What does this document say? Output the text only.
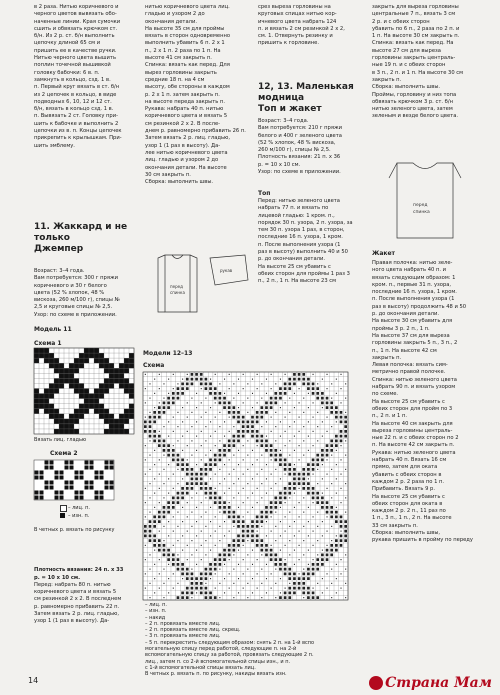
в 2 раза. Нитью коричневого и
черного цветов вывязать обо-
наченные линии. Края сумочки
сшить и обвязать крючком ст.
б/н. Из 2 р. ст. б/н выполнить
цепочку длиной 65 см и
пришить ее в качестве ручки.
Нитью черного цвета вышить
поплин точечной вышивкой
головку бабочки: 6 в. п.
замкнуть в кольцо, сзд. 1 в.
п. Первый круг вязать в ст. б/н
из 2 цепочек в кольцо, в виде
подводных 6, 10, 12 и 12 ст.
б/н, вязать в кольцо сзд. 1 в.
п. Вывязать 2 ст. Головку при-
шить к бабочке и выполнить 2
цепочки из в. п. Концы цепочек
прикрепить к крылышкам. При-
шить эмблему.
11. Жаккард и не
только
Джемпер
Возраст: 3–4 года.
Вам потребуется: 300 г пряжи
коричневого и 30 г белого
цвета (52 % хлопок, 48 %
вискоза, 260 м/100 г), спицы №
2,5 и круговые спицы № 2,5.
Узор: по схеме в приложении.
Модель 11
Схема 1
Вязать лиц. гладью
Схема 2
– лиц. п.
– изн. п.
В четных р. вязать по рисунку

Плотность вязания: 24 п. х 33
р. = 10 х 10 см.
Перед: набрать 80 п. нитью
коричневого цвета и вязать 5
см резинкой 2 х 2. В последнем
р. равномерно прибавить 22 п.
Затем вязать 2 р. лиц. гладью,
узор 1 (1 раз в высоту). Да-

нитью коричневого цвета лиц.
гладью и узором 2 до
окончания детали.
На высоте 35 см для проймы
вязать в сторон одновременно
выполнить убавить 6 п. 2 х 1
п., 2 х 1 п. 2 раза по 1 п. На
высоте 41 см закрыть п.
Спинка: вязать как перед. Для
вырез горловины закрыть
средние 18 п. на 4 см
высоту, обе стороны в каждом
р. 2 х 1 п. затем закрыть п.
на высоте переда закрыть п.
Рукава: набрать 40 п. нитью
коричневого цвета и вязать 5
см резинкой 2 х 2. В после-
днем р. равномерно прибавить 26 п.
Затем вязать 2 р. лиц. гладью,
узор 1 (1 раз в высоту). Да-
лее нитью коричневого цвета
лиц. гладью и узором 2 до
окончания детали. На высоте
30 см закрыть п.
Сборка: выполнить швы.
перед
спинка
рукав
Модели 12–13
Схема
– лиц. п.
– изн. п.
– накид
– 2 п. провязать вместе лиц.
– 2 п. провязать вместе лиц. скрещ.
– 3 п. провязать вместе лиц.
– 5 п. перекрестить следующим образом: снять 2 п. на 1-й вспо
могательную спицу перед работой, следующие п. на 2-й
вспомогательную спицу за работой, провязать следующие 2 п.
лиц., затем п. со 2-й вспомогательной спицы изн., и п.
с 1-й вспомогательной спицы вязать лиц.
В четных р. вязать п. по рисунку, накиды вязать изн.
срез выреза горловины на
круговых спицах нитью кор-
ичневого цвета набрать 124
п. и вязать 2 см резинкой 2 х 2,
см. 1. Отвернуть резинку и
пришить к горловине.
12, 13. Маленькая
модница
Топ и жакет
Возраст: 3–4 года.
Вам потребуется: 210 г пряжи
белого и 400 г зеленого цвета
(52 % хлопок, 48 % вискоза,
260 м/100 г), спицы № 2,5.
Плотность вязания: 21 п. х 36
р. = 10 х 10 см.
Узор: по схеме в приложении.
Топ
Перед: нитью зеленого цвета
набрать 77 п. и вязать по
лицевой гладью: 1 кром. п.,
порядок 30 п. узора, 2 п. узора, за
тем 30 п. узора 1 раз, в сторон,
последние 16 п. узора, 1 кром.
п. После выполнения узора (1
раз в высоту) выполнить 40 и 50
р. до окончания детали.
На высоте 25 см убавить с
обеих сторон для проймы 1 раз 3
п., 2 п., 1 п. На высоте 23 см
закрыть для выреза горловины
центральные 7 п., вязать 3 см
2 р. и с обеих сторон
убавить по 6 п., 2 раза по 2 п. и
1 п. На высоте 30 см закрыть п.
Спинка: вязать как перед. На
высоте 27 см для выреза
горловины закрыть централь-
ные 19 п. и с обеих сторон
в 3 п., 2 п. и 1 п. На высоте 30 см
закрыть п.
Сборка: выполнить швы.
Проймы, горловину и низ топа
обвязать крючком 3 р. ст. б/н
нитью зеленого цвета, затем
зеленым и везде белого цвета.
перед
спинка
Жакет
Правая полочка: нитью зеле-
ного цвета набрать 40 п. и
вязать следующим образом: 1
кром. п., первые 31 п. узора,
последние 16 п. узора, 1 кром.
п. После выполнения узора (1
раз в высоту) продолжить 48 и 50
р. до окончания детали.
На высоте 30 см убавить для
проймы 3 р. 2 п., 1 п.
На высоте 37 см для выреза
горловины закрыть 5 п., 3 п., 2
п., 1 п. На высоте 42 см
закрыть п.
Левая полочка: вязать сим-
метрично правой полочке.
Спинка: нитью зеленого цвета
набрать 90 п. и вязать узором
по схеме.
На высоте 25 см убавить с
обеих сторон для пройм по 3
п., 2 п. и 1 п.
На высоте 40 см закрыть для
выреза горловины централь-
ные 22 п. и с обеих сторон по 2
п. На высоте 42 см закрыть п.
Рукава: нитью зеленого цвета
набрать 40 п. Вязать 16 см
прямо, затем для оката
убавить с обеих сторон в
каждом 2 р. 2 раза по 1 п.
Прибавить. Вязать 9 р.
На высоте 25 см убавить с
обеих сторон для оката в
каждом 2 р. 2 п., 11 раз по
1 п., 3 п., 1 п., 2 п. На высоте
33 см закрыть п.
Сборка: выполнить швы,
рукава пришить в пройму по переду
14	Страна Мам
